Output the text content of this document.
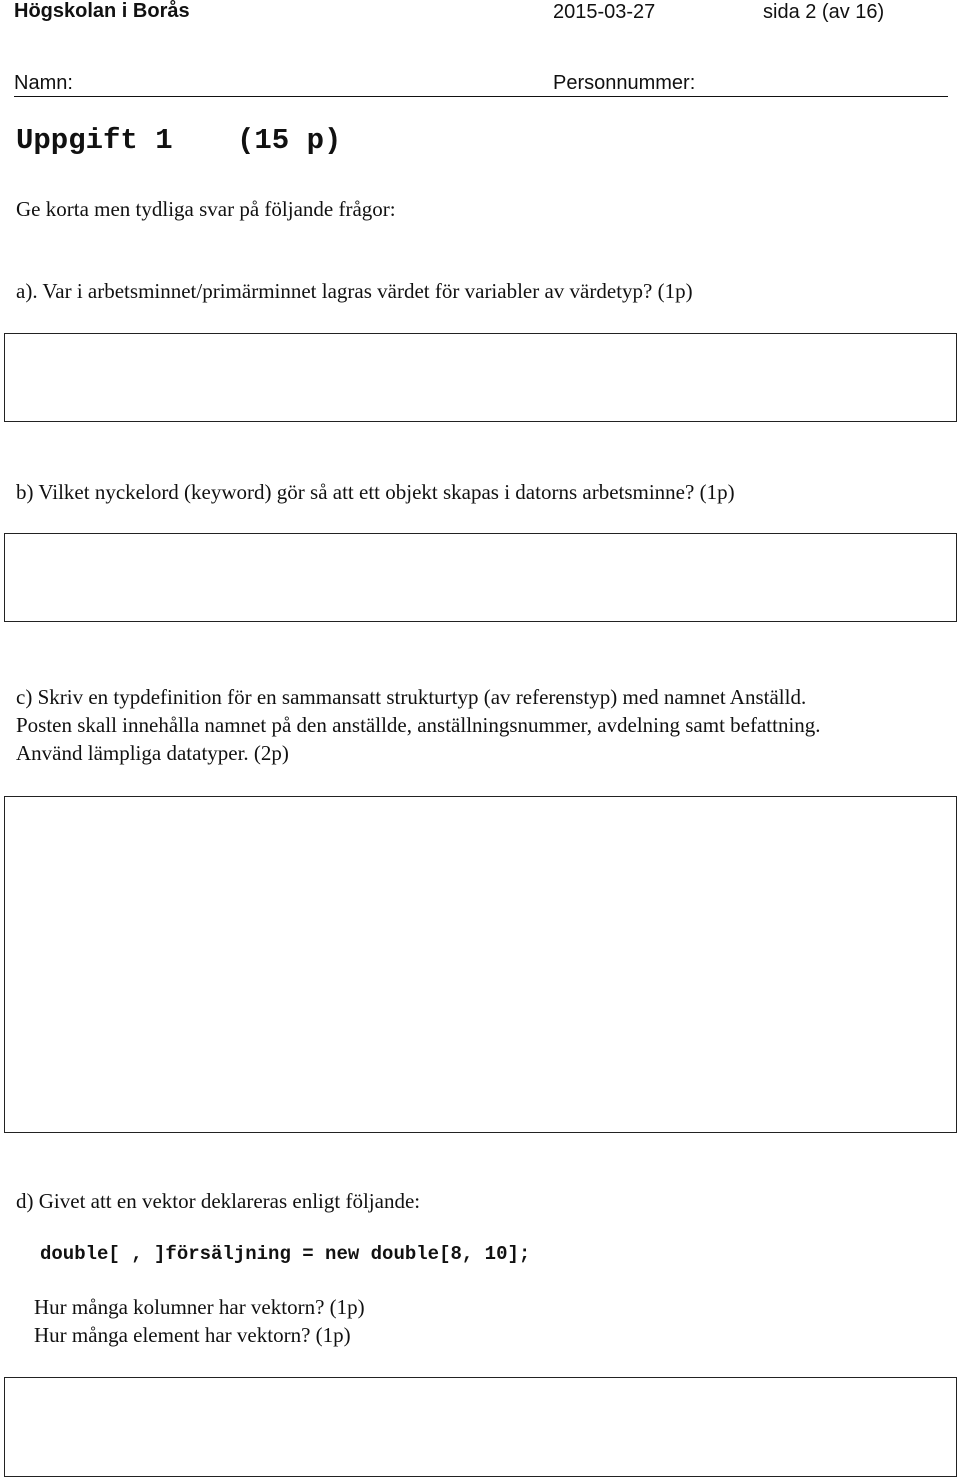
Högskolan i Borås	2015-03-27	sida 2 (av 16)
Namn:	Personnummer:
Uppgift 1 (15 p)
Ge korta men tydliga svar på följande frågor:
a). Var i arbetsminnet/primärminnet lagras värdet för variabler av värdetyp? (1p)
b) Vilket nyckelord (keyword) gör så att ett objekt skapas i datorns arbetsminne? (1p)
c) Skriv en typdefinition för en sammansatt strukturtyp (av referenstyp) med namnet Anställd.
Posten skall innehålla namnet på den anställde, anställningsnummer, avdelning samt befattning.
Använd lämpliga datatyper. (2p)
d) Givet att en vektor deklareras enligt följande:
double[ , ]försäljning = new double[8, 10];
Hur många kolumner har vektorn? (1p)
Hur många element har vektorn? (1p)
